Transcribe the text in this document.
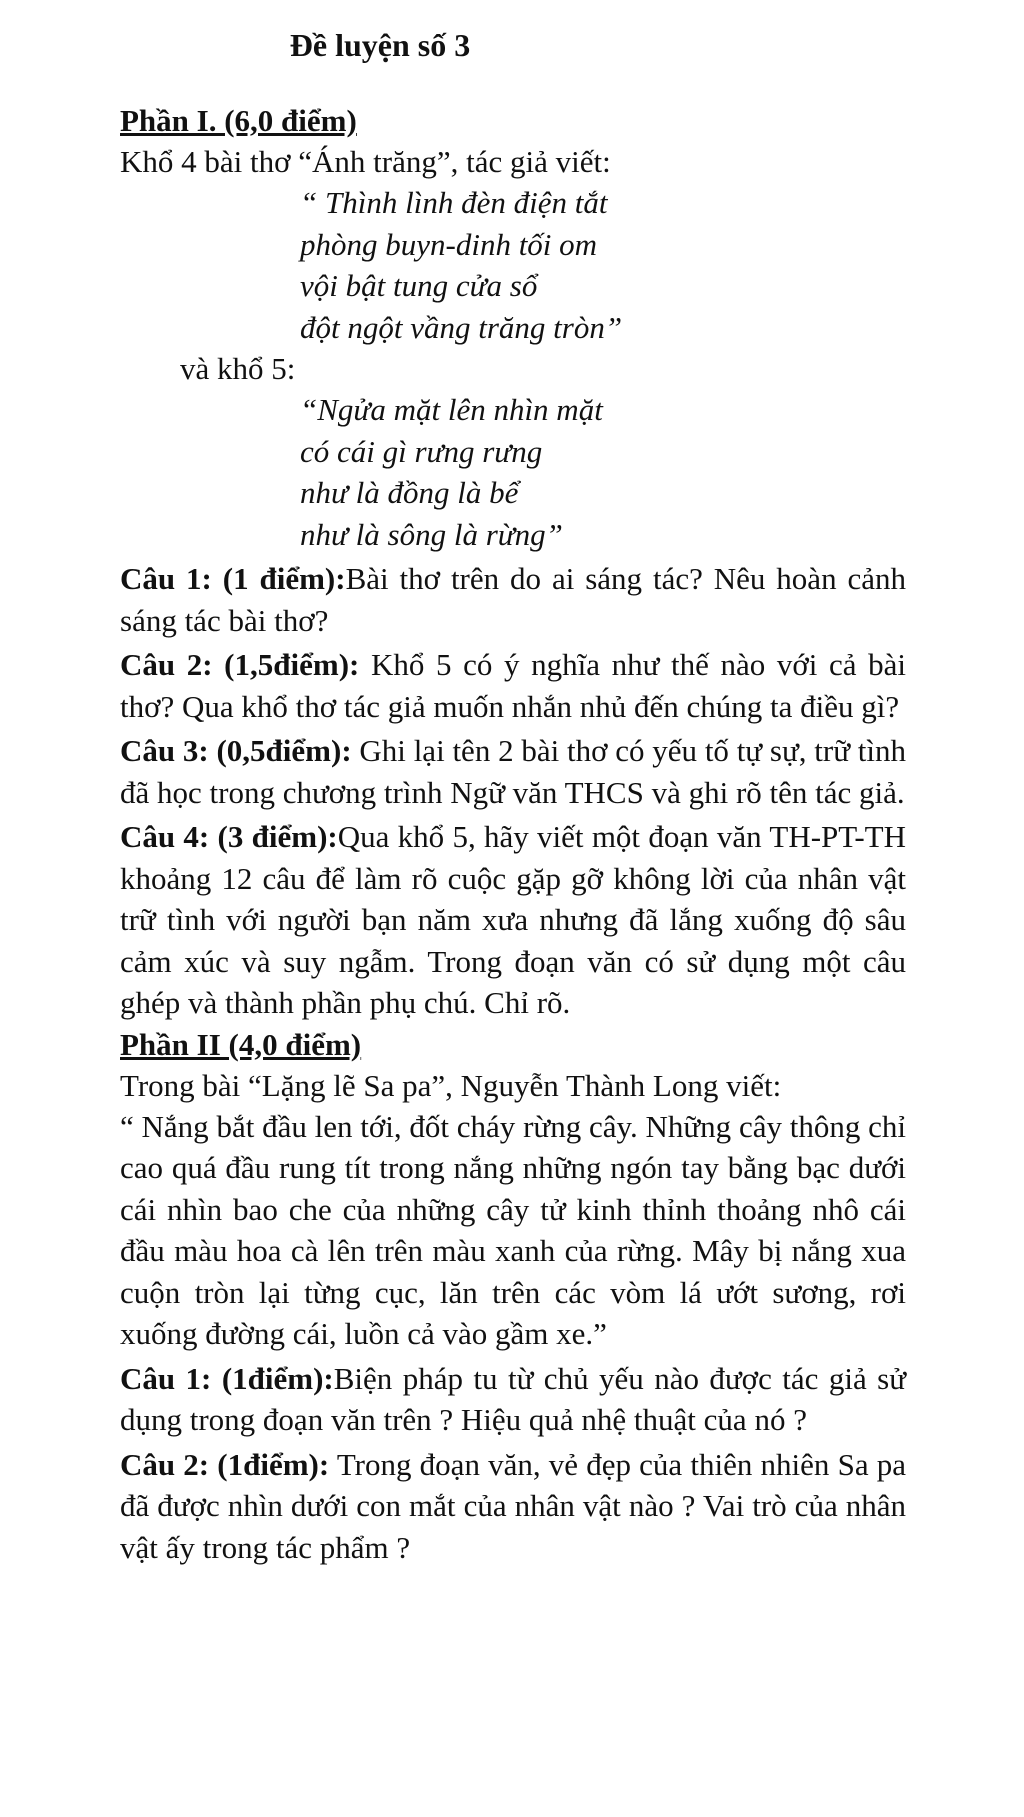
Đề luyện số 3

Phần I. (6,0 điểm)

Khổ 4 bài thơ “Ánh trăng”, tác giả viết:

“ Thình lình đèn điện tắt

phòng buyn-dinh tối om

vội bật tung cửa sổ

đột ngột vầng trăng tròn”

và khổ 5:

“Ngửa mặt lên nhìn mặt

có cái gì rưng rưng

như là đồng là bể

như là sông là rừng”

Câu 1: (1 điểm):Bài thơ trên do ai sáng tác? Nêu hoàn cảnh sáng tác bài thơ?

Câu 2: (1,5điểm): Khổ 5 có ý nghĩa như thế nào với cả bài thơ? Qua khổ thơ tác giả muốn nhắn nhủ đến chúng ta điều gì?

Câu 3: (0,5điểm): Ghi lại tên 2 bài thơ có yếu tố tự sự, trữ tình đã học trong chương trình Ngữ văn THCS và ghi rõ tên tác giả.

Câu 4: (3 điểm):Qua khổ 5, hãy viết một đoạn văn TH-PT-TH khoảng 12 câu để làm rõ cuộc gặp gỡ không lời của nhân vật trữ tình với người bạn năm xưa nhưng đã lắng xuống độ sâu cảm xúc và suy ngẫm. Trong đoạn văn có sử dụng một câu ghép và thành phần phụ chú. Chỉ rõ.

Phần II (4,0 điểm)

Trong bài “Lặng lẽ Sa pa”, Nguyễn Thành Long viết:

“ Nắng bắt đầu len tới, đốt cháy rừng cây. Những cây thông chỉ cao quá đầu rung tít trong nắng những ngón tay bằng bạc dưới cái nhìn bao che của những cây tử kinh thỉnh thoảng nhô cái đầu màu hoa cà lên trên màu xanh của rừng. Mây bị nắng xua cuộn tròn lại từng cục, lăn trên các vòm lá ướt sương, rơi xuống đường cái, luồn cả vào gầm xe.”

Câu 1: (1điểm):Biện pháp tu từ chủ yếu nào được tác giả sử dụng trong đoạn văn trên ? Hiệu quả nhệ thuật của nó ?

Câu 2: (1điểm): Trong đoạn văn, vẻ đẹp của thiên nhiên Sa pa đã được nhìn dưới con mắt của nhân vật nào ? Vai trò của nhân vật ấy trong tác phẩm ?
